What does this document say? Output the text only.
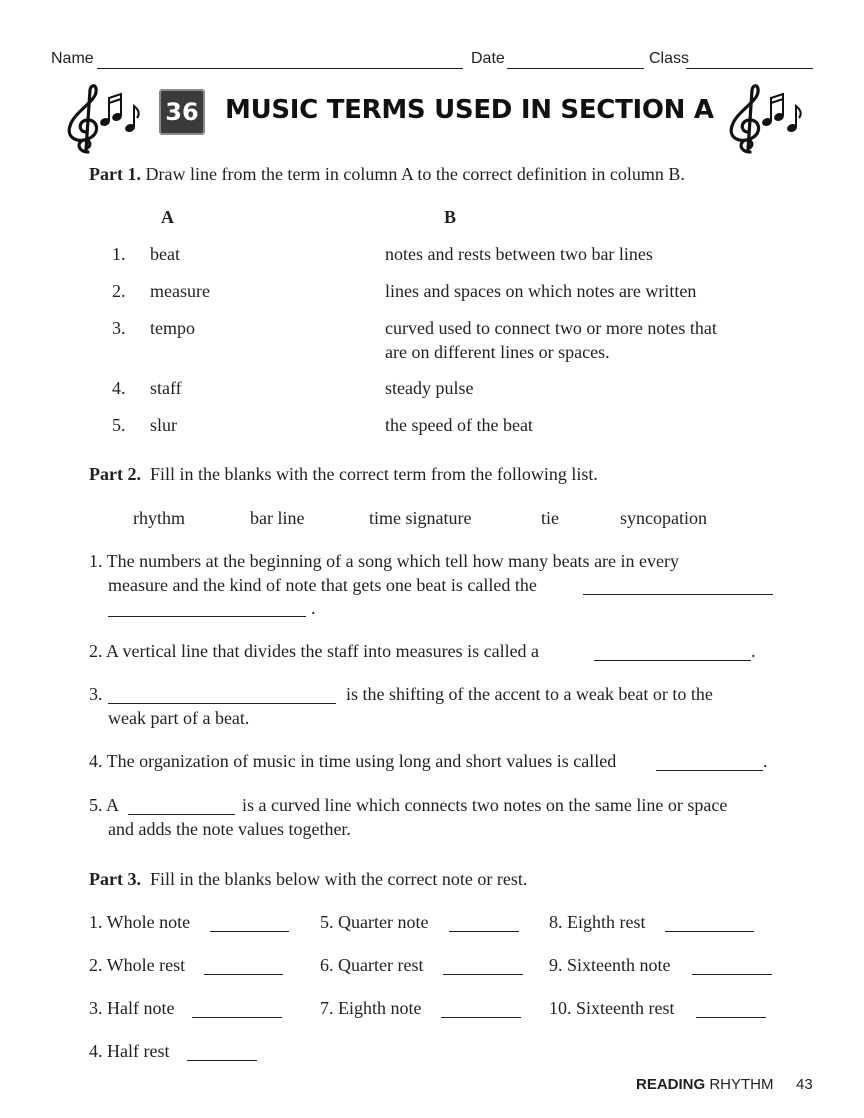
Name	Date	Class
36 MUSIC TERMS USED IN SECTION A
Part 1. Draw line from the term in column A to the correct definition in column B.
A	B
1. beat	notes and rests between two bar lines
2. measure	lines and spaces on which notes are written
3. tempo	curved used to connect two or more notes that
are on different lines or spaces.
4. staff	steady pulse
5. slur	the speed of the beat
Part 2. Fill in the blanks with the correct term from the following list.
rhythm	bar line	time signature	tie	syncopation
1. The numbers at the beginning of a song which tell how many beats are in every
measure and the kind of note that gets one beat is called the
.
2. A vertical line that divides the staff into measures is called a	.
3.	is the shifting of the accent to a weak beat or to the
weak part of a beat.
4. The organization of music in time using long and short values is called	.
5. A	is a curved line which connects two notes on the same line or space
and adds the note values together.
Part 3. Fill in the blanks below with the correct note or rest.
1. Whole note
2. Whole rest
3. Half note
4. Half rest
5. Quarter note
6. Quarter rest
7. Eighth note
8. Eighth rest
9. Sixteenth note
10. Sixteenth rest
READING RHYTHM 43
